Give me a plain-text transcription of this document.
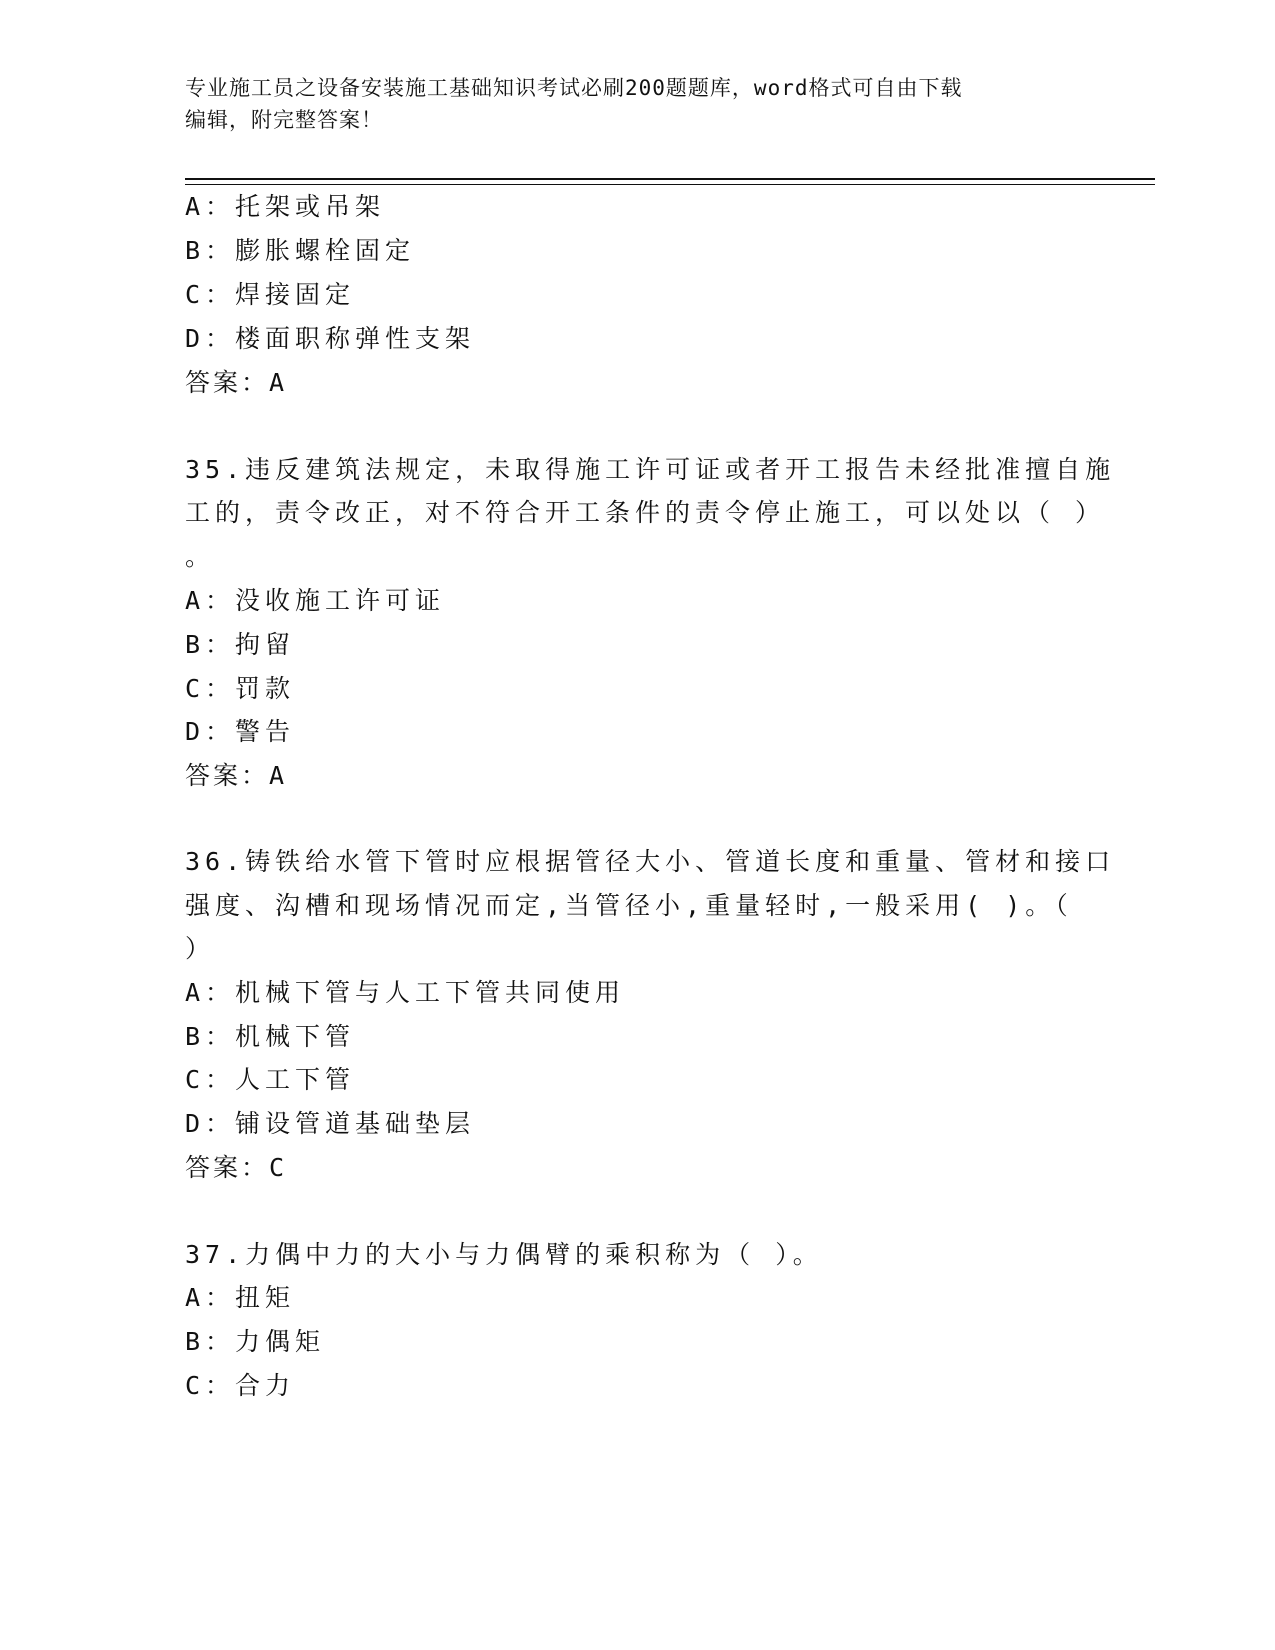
专业施工员之设备安装施工基础知识考试必刷200题题库，word格式可自由下载
编辑，附完整答案！
A：托架或吊架
B：膨胀螺栓固定
C：焊接固定
D：楼面职称弹性支架
答案：A
35.违反建筑法规定，未取得施工许可证或者开工报告未经批准擅自施
工的，责令改正，对不符合开工条件的责令停止施工，可以处以（ ）
。
A：没收施工许可证
B：拘留
C：罚款
D：警告
答案：A
36.铸铁给水管下管时应根据管径大小、管道长度和重量、管材和接口
强度、沟槽和现场情况而定,当管径小,重量轻时,一般采用( )。（
）
A：机械下管与人工下管共同使用
B：机械下管
C：人工下管
D：铺设管道基础垫层
答案：C
37.力偶中力的大小与力偶臂的乘积称为（ ）。
A：扭矩
B：力偶矩
C：合力
